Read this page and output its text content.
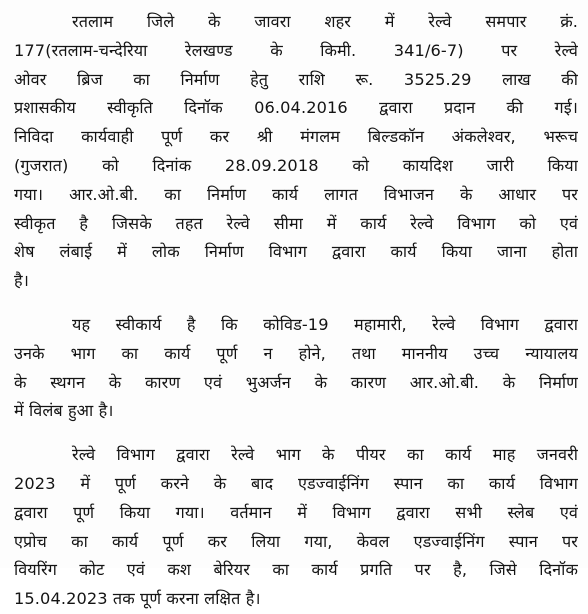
रतलाम जिले के जावरा शहर में रेल्वे समपार क्रं.
177(रतलाम-चन्देरिया रेलखण्ड के किमी. 341/6-7) पर रेल्वे
ओवर ब्रिज का निर्माण हेतु राशि रू. 3525.29 लाख की
प्रशासकीय स्वीकृति दिनॉक 06.04.2016 द्ववारा प्रदान की गई।
निविदा कार्यवाही पूर्ण कर श्री मंगलम बिल्डकॉन अंकलेश्वर, भरूच
(गुजरात) को दिनांक 28.09.2018 को कायदिश जारी किया
गया। आर.ओ.बी. का निर्माण कार्य लागत विभाजन के आधार पर
स्वीकृत है जिसके तहत रेल्वे सीमा में कार्य रेल्वे विभाग को एवं
शेष लंबाई में लोक निर्माण विभाग द्ववारा कार्य किया जाना होता
है।

यह स्वीकार्य है कि कोविड-19 महामारी, रेल्वे विभाग द्ववारा
उनके भाग का कार्य पूर्ण न होने, तथा माननीय उच्च न्यायालय
के स्थगन के कारण एवं भुअर्जन के कारण आर.ओ.बी. के निर्माण
में विलंब हुआ है।

रेल्वे विभाग द्ववारा रेल्वे भाग के पीयर का कार्य माह जनवरी
2023 में पूर्ण करने के बाद एडज्वाईनिंग स्पान का कार्य विभाग
द्ववारा पूर्ण किया गया। वर्तमान में विभाग द्ववारा सभी स्लेब एवं
एप्रोच का कार्य पूर्ण कर लिया गया, केवल एडज्वाईनिंग स्पान पर
वियरिंग कोट एवं कश बेरियर का कार्य प्रगति पर है, जिसे दिनॉक
15.04.2023 तक पूर्ण करना लक्षित है।
